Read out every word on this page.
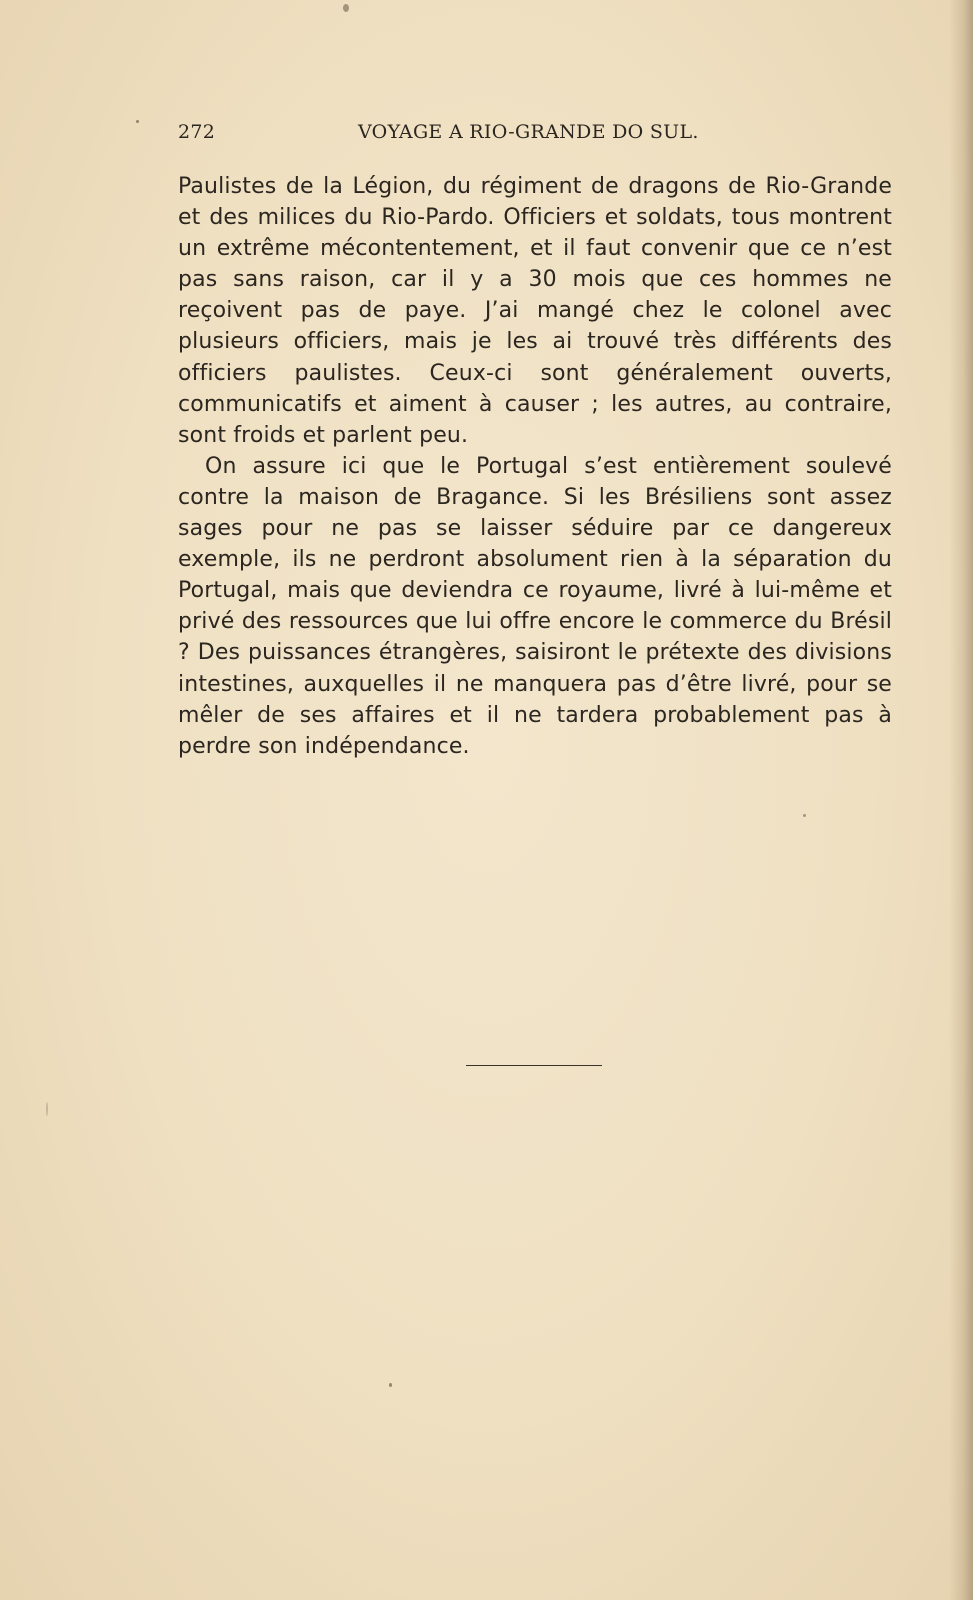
272	VOYAGE A RIO-GRANDE DO SUL.

Paulistes de la Légion, du régiment de dragons de Rio-Grande et des milices du Rio-Pardo. Officiers et soldats, tous montrent un extrême mécontentement, et il faut convenir que ce n’est pas sans raison, car il y a 30 mois que ces hommes ne reçoivent pas de paye. J’ai mangé chez le colonel avec plusieurs officiers, mais je les ai trouvé très différents des officiers paulistes. Ceux-ci sont généralement ouverts, communicatifs et aiment à causer ; les autres, au contraire, sont froids et parlent peu.

On assure ici que le Portugal s’est entièrement soulevé contre la maison de Bragance. Si les Brésiliens sont assez sages pour ne pas se laisser séduire par ce dangereux exemple, ils ne perdront absolument rien à la séparation du Portugal, mais que deviendra ce royaume, livré à lui-même et privé des ressources que lui offre encore le commerce du Brésil ? Des puissances étrangères, saisiront le prétexte des divisions intestines, auxquelles il ne manquera pas d’être livré, pour se mêler de ses affaires et il ne tardera probablement pas à perdre son indépendance.
